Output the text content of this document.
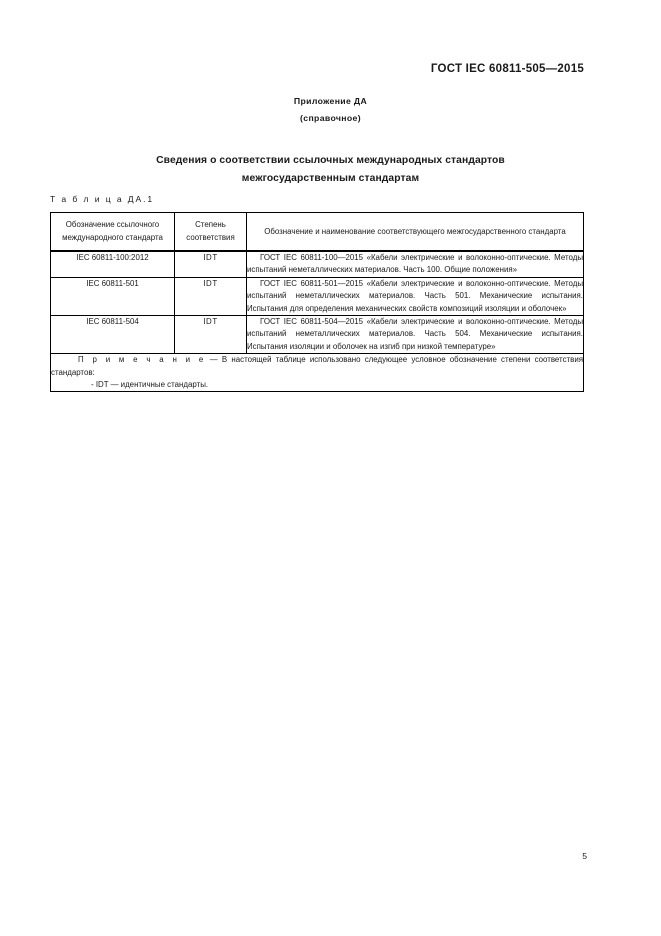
ГОСТ IEC 60811-505—2015
Приложение ДА
(справочное)
Сведения о соответствии ссылочных международных стандартов
межгосударственным стандартам
Т а б л и ц а ДА.1
Обозначение ссылочного международного стандарта	Степень соответствия	Обозначение и наименование соответствующего межгосударственного стандарта
IEC 60811-100:2012	IDT	ГОСТ IEC 60811-100—2015 «Кабели электрические и волоконно-оптические. Методы испытаний неметаллических материалов. Часть 100. Общие положения»
IEC 60811-501	IDT	ГОСТ IEC 60811-501—2015 «Кабели электрические и волоконно-оптические. Методы испытаний неметаллических материалов. Часть 501. Механические испытания. Испытания для определения механических свойств композиций изоляции и оболочек»
IEC 60811-504	IDT	ГОСТ IEC 60811-504—2015 «Кабели электрические и волоконно-оптические. Методы испытаний неметаллических материалов. Часть 504. Механические испытания. Испытания изоляции и оболочек на изгиб при низкой температуре»

П р и м е ч а н и е — В настоящей таблице использовано следующее условное обозначение степени соответствия стандартов:
- IDT — идентичные стандарты.		
5
